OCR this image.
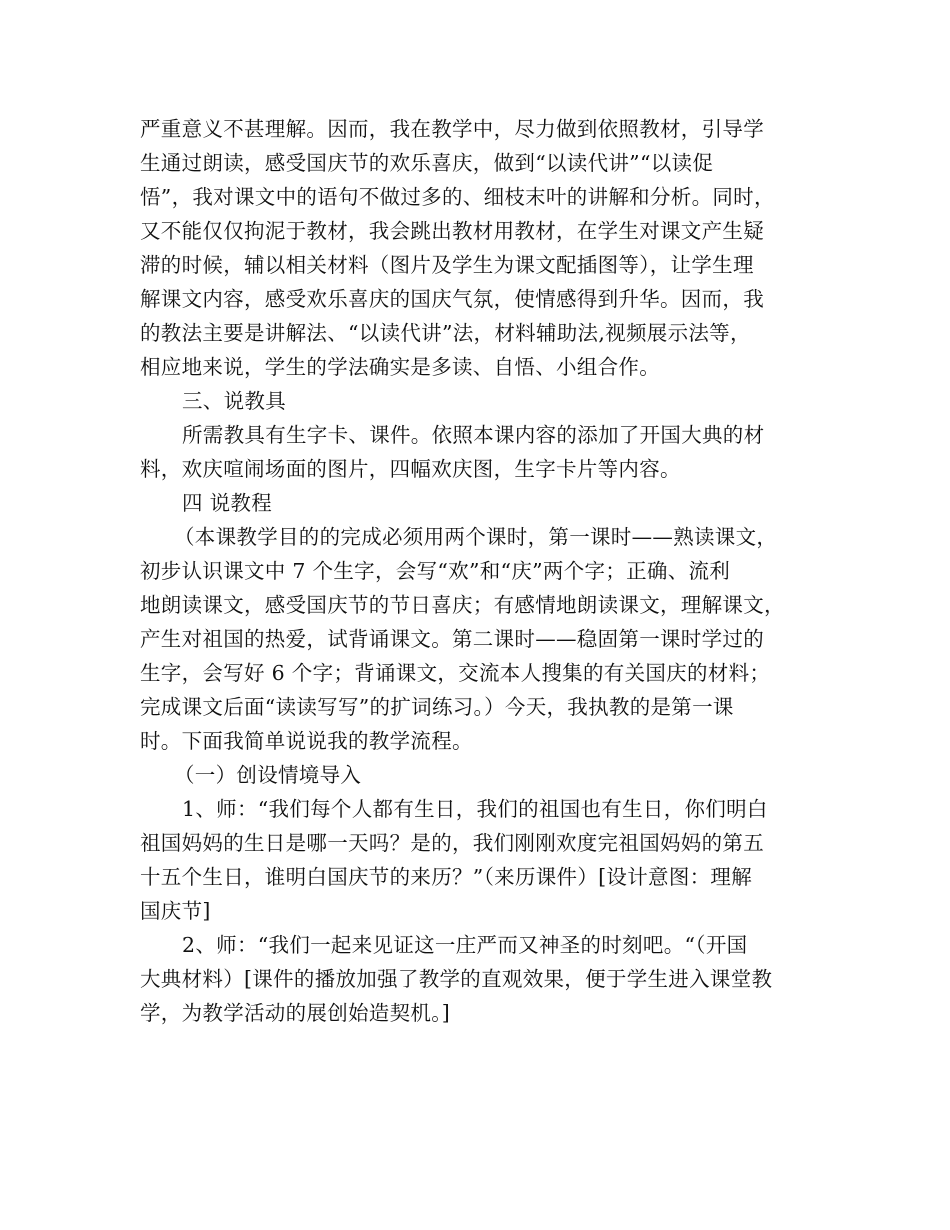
严重意义不甚理解。因而，我在教学中，尽力做到依照教材，引导学
生通过朗读，感受国庆节的欢乐喜庆，做到“以读代讲”“以读促
悟”，我对课文中的语句不做过多的、细枝末叶的讲解和分析。同时，
又不能仅仅拘泥于教材，我会跳出教材用教材，在学生对课文产生疑
滞的时候，辅以相关材料（图片及学生为课文配插图等），让学生理
解课文内容，感受欢乐喜庆的国庆气氛，使情感得到升华。因而，我
的教法主要是讲解法、“以读代讲”法，材料辅助法,视频展示法等，
相应地来说，学生的学法确实是多读、自悟、小组合作。
三、说教具
所需教具有生字卡、课件。依照本课内容的添加了开国大典的材
料，欢庆喧闹场面的图片，四幅欢庆图，生字卡片等内容。
四 说教程
（本课教学目的的完成必须用两个课时，第一课时——熟读课文，
初步认识课文中 7 个生字，会写“欢”和“庆”两个字；正确、流利
地朗读课文，感受国庆节的节日喜庆；有感情地朗读课文，理解课文，
产生对祖国的热爱，试背诵课文。第二课时——稳固第一课时学过的
生字，会写好 6 个字；背诵课文，交流本人搜集的有关国庆的材料；
完成课文后面“读读写写”的扩词练习。）今天，我执教的是第一课
时。下面我简单说说我的教学流程。
（一）创设情境导入
1、师：“我们每个人都有生日，我们的祖国也有生日，你们明白
祖国妈妈的生日是哪一天吗？是的，我们刚刚欢度完祖国妈妈的第五
十五个生日，谁明白国庆节的来历？”（来历课件）[设计意图：理解
国庆节]
2、师：“我们一起来见证这一庄严而又神圣的时刻吧。“（开国
大典材料）[课件的播放加强了教学的直观效果，便于学生进入课堂教
学，为教学活动的展创始造契机。]
